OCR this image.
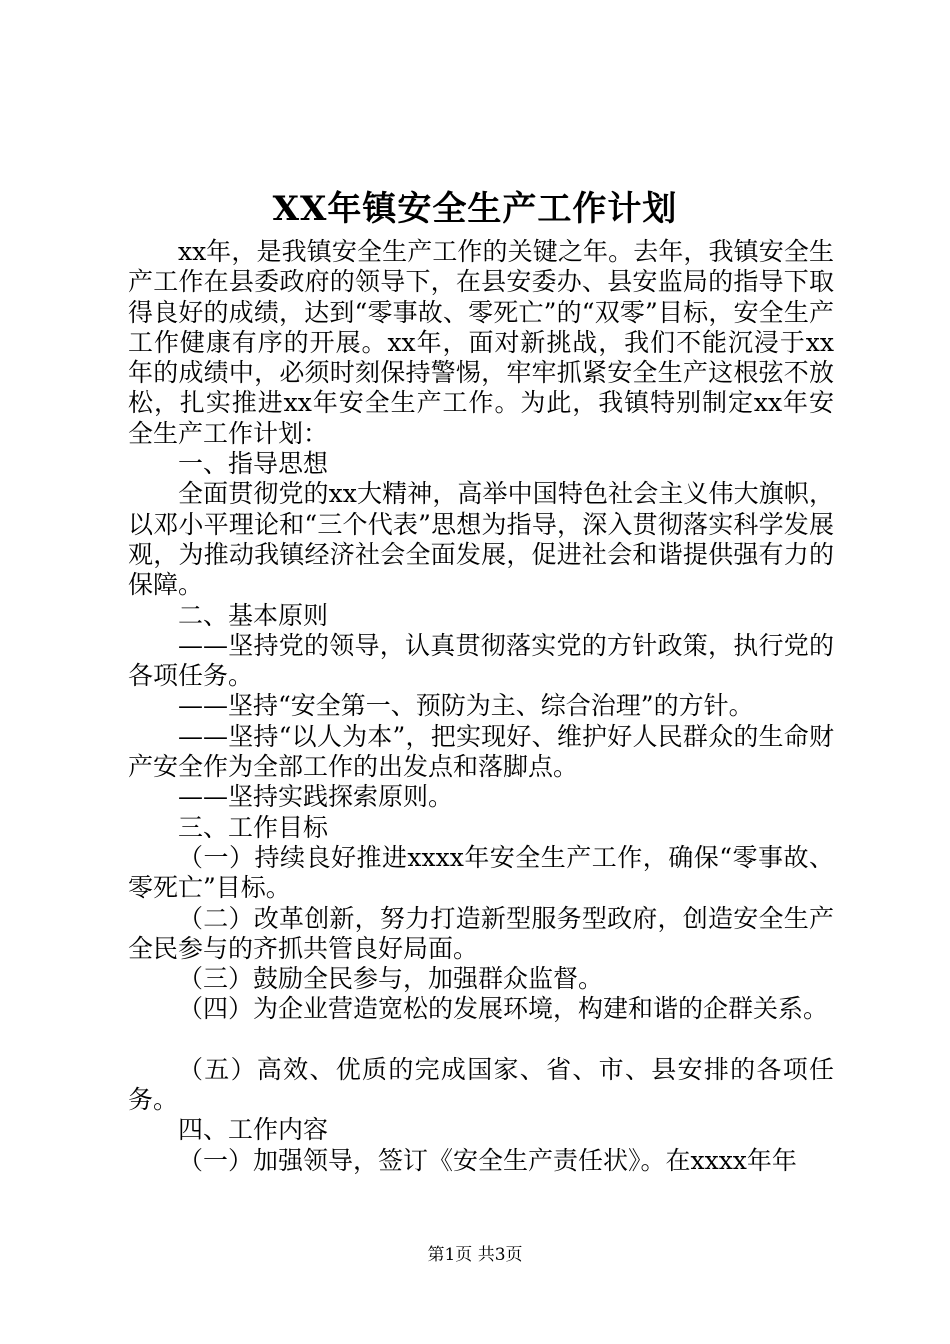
XX年镇安全生产工作计划

xx年，是我镇安全生产工作的关键之年。去年，我镇安全生产工作在县委政府的领导下，在县安委办、县安监局的指导下取得良好的成绩，达到“零事故、零死亡”的“双零”目标，安全生产工作健康有序的开展。xx年，面对新挑战，我们不能沉浸于xx年的成绩中，必须时刻保持警惕，牢牢抓紧安全生产这根弦不放松，扎实推进xx年安全生产工作。为此，我镇特别制定xx年安全生产工作计划：

一、指导思想

全面贯彻党的xx大精神，高举中国特色社会主义伟大旗帜，以邓小平理论和“三个代表”思想为指导，深入贯彻落实科学发展观，为推动我镇经济社会全面发展，促进社会和谐提供强有力的保障。

二、基本原则

——坚持党的领导，认真贯彻落实党的方针政策，执行党的各项任务。

——坚持“安全第一、预防为主、综合治理”的方针。

——坚持“以人为本”，把实现好、维护好人民群众的生命财产安全作为全部工作的出发点和落脚点。

——坚持实践探索原则。

三、工作目标

（一）持续良好推进xxxx年安全生产工作，确保“零事故、零死亡”目标。

（二）改革创新，努力打造新型服务型政府，创造安全生产全民参与的齐抓共管良好局面。

（三）鼓励全民参与，加强群众监督。

（四）为企业营造宽松的发展环境，构建和谐的企群关系。

（五）高效、优质的完成国家、省、市、县安排的各项任务。

四、工作内容

（一）加强领导，签订《安全生产责任状》。在xxxx年年

第1页 共3页
